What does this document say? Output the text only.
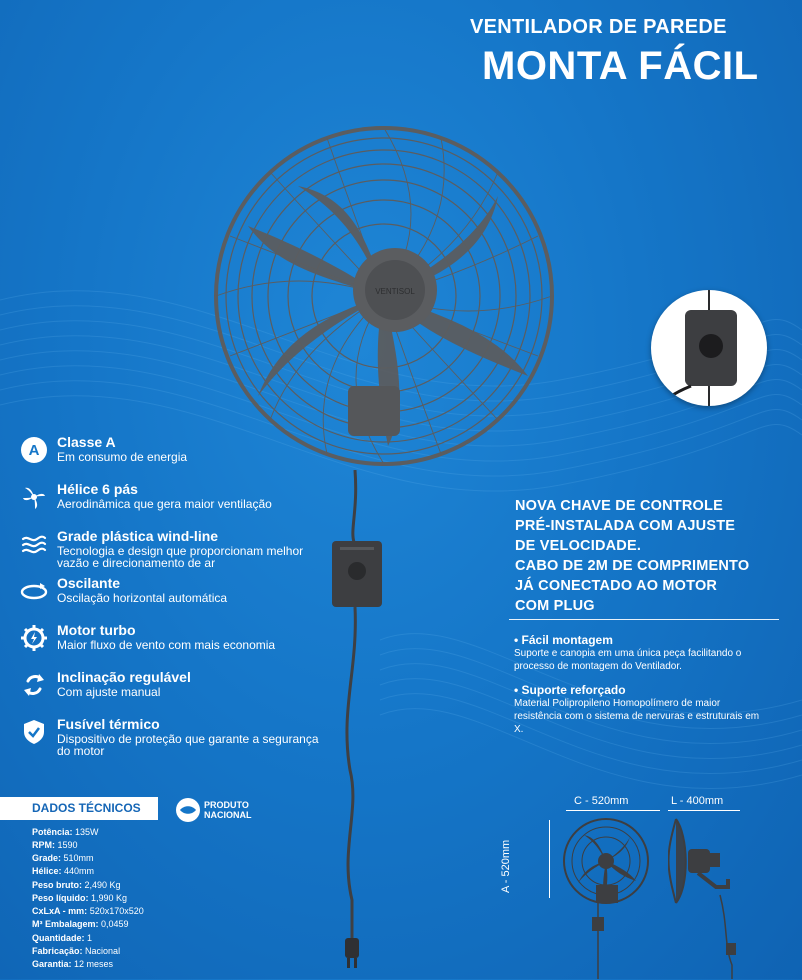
VENTILADOR DE PAREDE
MONTA FÁCIL
VENTISOL
A Classe A
Em consumo de energia
Hélice 6 pás
Aerodinâmica que gera maior ventilação
Grade plástica wind-line
Tecnologia e design que proporcionam melhor vazão e direcionamento de ar
Oscilante
Oscilação horizontal automática
Motor turbo
Maior fluxo de vento com mais economia
Inclinação regulável
Com ajuste manual
Fusível térmico
Dispositivo de proteção que garante a segurança do motor
NOVA CHAVE DE CONTROLE
PRÉ-INSTALADA COM AJUSTE
DE VELOCIDADE.
CABO DE 2M DE COMPRIMENTO
JÁ CONECTADO AO MOTOR
COM PLUG
• Fácil montagem
Suporte e canopia em uma única peça facilitando o processo de montagem do Ventilador.
• Suporte reforçado
Material Polipropileno Homopolímero de maior resistência com o sistema de nervuras e estruturais em X.
DADOS TÉCNICOS	PRODUTO
NACIONAL
Potência: 135W
RPM: 1590
Grade: 510mm
Hélice: 440mm
Peso bruto: 2,490 Kg
Peso líquido: 1,990 Kg
CxLxA - mm: 520x170x520
M³ Embalagem: 0,0459
Quantidade: 1
Fabricação: Nacional
Garantia: 12 meses
C - 520mm	L - 400mm
A - 520mm
